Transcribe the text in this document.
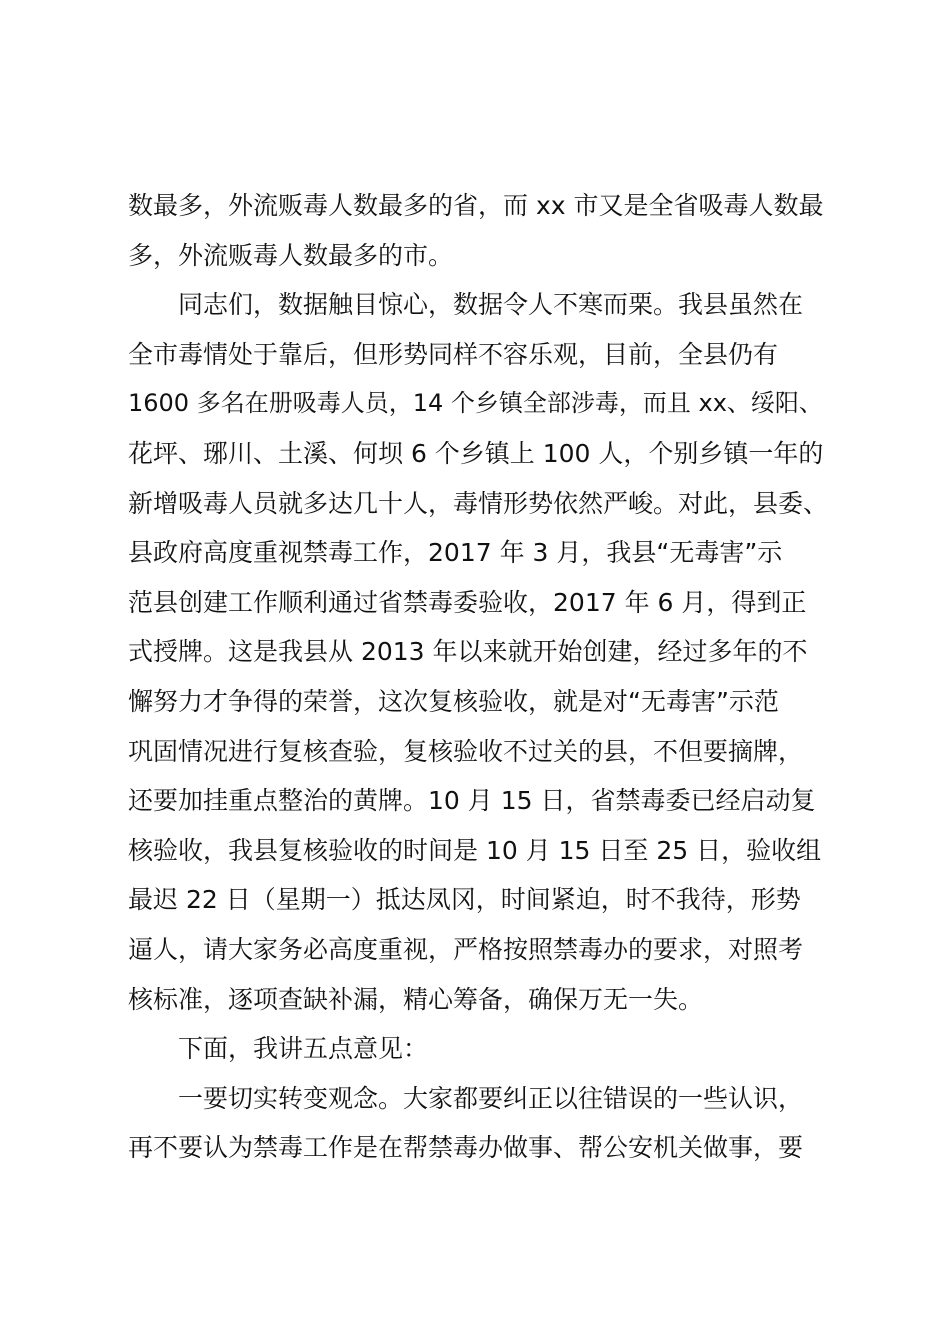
数最多，外流贩毒人数最多的省，而 xx 市又是全省吸毒人数最
多，外流贩毒人数最多的市。
同志们，数据触目惊心，数据令人不寒而栗。我县虽然在
全市毒情处于靠后，但形势同样不容乐观，目前，全县仍有
1600 多名在册吸毒人员，14 个乡镇全部涉毒，而且 xx、绥阳、
花坪、琊川、土溪、何坝 6 个乡镇上 100 人，个别乡镇一年的
新增吸毒人员就多达几十人，毒情形势依然严峻。对此，县委、
县政府高度重视禁毒工作，2017 年 3 月，我县“无毒害”示
范县创建工作顺利通过省禁毒委验收，2017 年 6 月，得到正
式授牌。这是我县从 2013 年以来就开始创建，经过多年的不
懈努力才争得的荣誉，这次复核验收，就是对“无毒害”示范
巩固情况进行复核查验，复核验收不过关的县，不但要摘牌，
还要加挂重点整治的黄牌。10 月 15 日，省禁毒委已经启动复
核验收，我县复核验收的时间是 10 月 15 日至 25 日，验收组
最迟 22 日（星期一）抵达凤冈，时间紧迫，时不我待，形势
逼人，请大家务必高度重视，严格按照禁毒办的要求，对照考
核标准，逐项查缺补漏，精心筹备，确保万无一失。
下面，我讲五点意见：
一要切实转变观念。大家都要纠正以往错误的一些认识，
再不要认为禁毒工作是在帮禁毒办做事、帮公安机关做事，要
